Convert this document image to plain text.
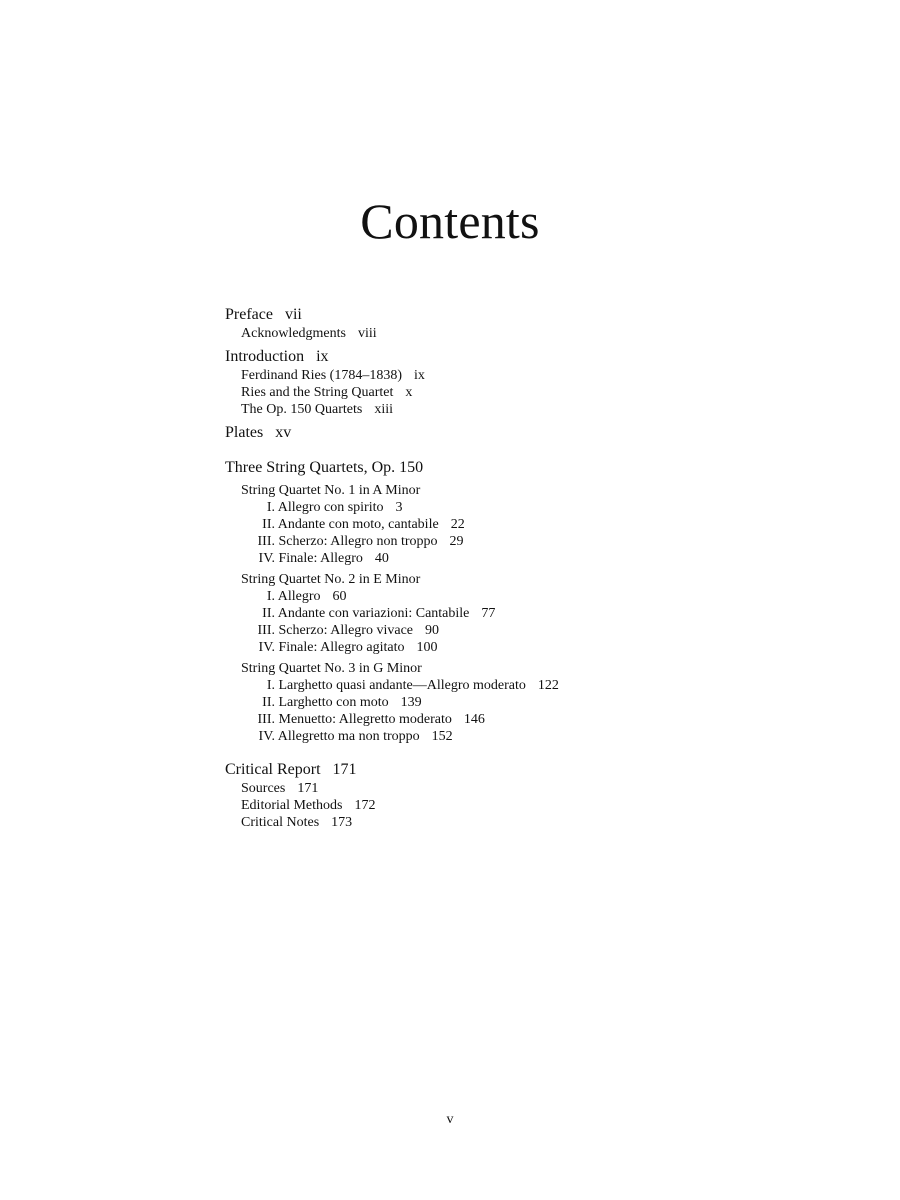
Contents
Preface vii
Acknowledgments viii
Introduction ix
Ferdinand Ries (1784–1838) ix
Ries and the String Quartet x
The Op. 150 Quartets xiii
Plates xv
Three String Quartets, Op. 150
String Quartet No. 1 in A Minor
I. Allegro con spirito 3
II. Andante con moto, cantabile 22
III. Scherzo: Allegro non troppo 29
IV. Finale: Allegro 40
String Quartet No. 2 in E Minor
I. Allegro 60
II. Andante con variazioni: Cantabile 77
III. Scherzo: Allegro vivace 90
IV. Finale: Allegro agitato 100
String Quartet No. 3 in G Minor
I. Larghetto quasi andante—Allegro moderato 122
II. Larghetto con moto 139
III. Menuetto: Allegretto moderato 146
IV. Allegretto ma non troppo 152
Critical Report 171
Sources 171
Editorial Methods 172
Critical Notes 173
v
